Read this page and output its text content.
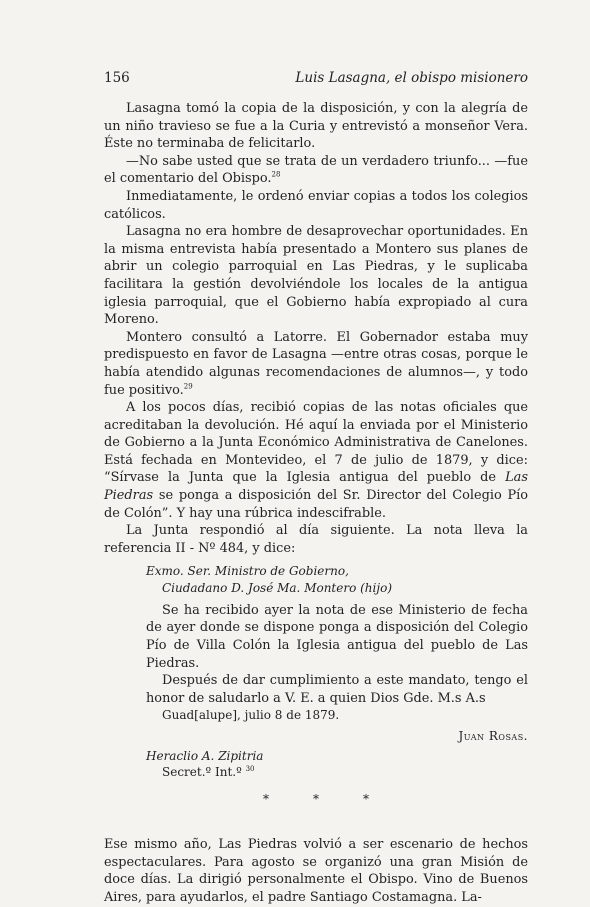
156	Luis Lasagna, el obispo misionero

Lasagna tomó la copia de la disposición, y con la alegría de un niño travieso se fue a la Curia y entrevistó a monseñor Vera. Éste no terminaba de felicitarlo.

—No sabe usted que se trata de un verdadero triunfo... —fue el comentario del Obispo.$^{28}$

Inmediatamente, le ordenó enviar copias a todos los colegios católicos.

Lasagna no era hombre de desaprovechar oportunidades. En la misma entrevista había presentado a Montero sus planes de abrir un colegio parroquial en Las Piedras, y le suplicaba facilitara la gestión devolviéndole los locales de la antigua iglesia parroquial, que el Gobierno había expropiado al cura Moreno.

Montero consultó a Latorre. El Gobernador estaba muy predispuesto en favor de Lasagna —entre otras cosas, porque le había atendido algunas recomendaciones de alumnos—, y todo fue positivo.$^{29}$

A los pocos días, recibió copias de las notas oficiales que acreditaban la devolución. Hé aquí la enviada por el Ministerio de Gobierno a la Junta Económico Administrativa de Canelones. Está fechada en Montevideo, el 7 de julio de 1879, y dice: “Sírvase la Junta que la Iglesia antigua del pueblo de Las Piedras se ponga a disposición del Sr. Director del Colegio Pío de Colón”. Y hay una rúbrica indescifrable.

La Junta respondió al día siguiente. La nota lleva la referencia II - Nº 484, y dice:

Exmo. Ser. Ministro de Gobierno,
Ciudadano D. José Ma. Montero (hijo)

Se ha recibido ayer la nota de ese Ministerio de fecha de ayer donde se dispone ponga a disposición del Colegio Pío de Villa Colón la Iglesia antigua del pueblo de Las Piedras.

Después de dar cumplimiento a este mandato, tengo el honor de saludarlo a V. E. a quien Dios Gde. M.s A.s

Guad[alupe], julio 8 de 1879.
Juan Rosas.
Heraclio A. Zipitria
Secret.º Int.º $^{30}$
*	*	*

Ese mismo año, Las Piedras volvió a ser escenario de hechos espectaculares. Para agosto se organizó una gran Misión de doce días. La dirigió personalmente el Obispo. Vino de Buenos Aires, para ayudarlos, el padre Santiago Costamagna. La-
